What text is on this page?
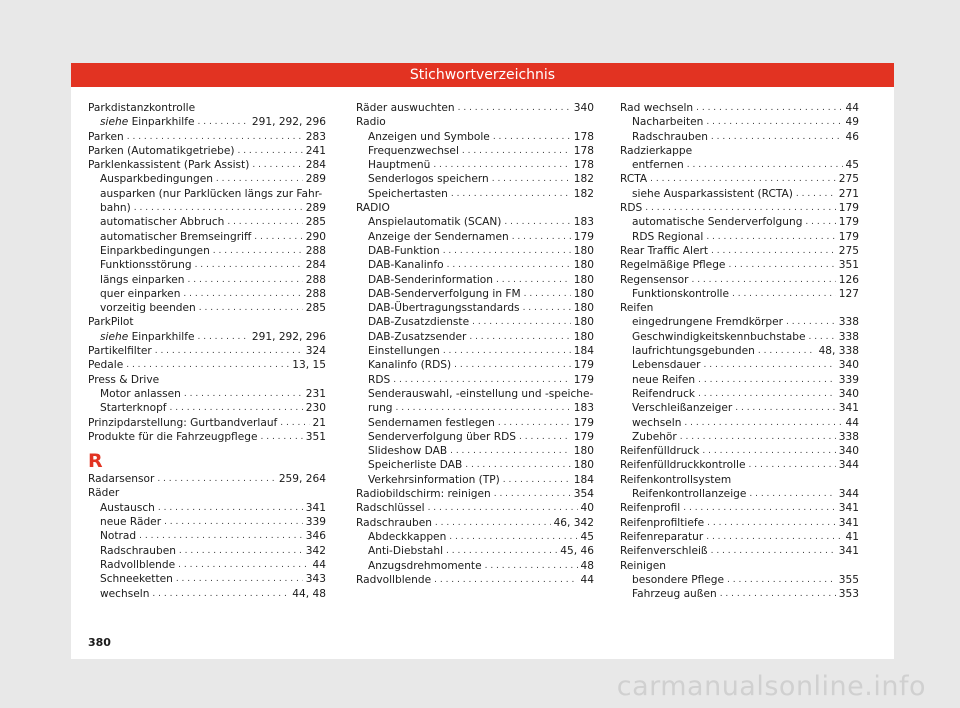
Stichwortverzeichnis
Parkdistanzkontrolle
siehe Einparkhilfe . . .	291, 292, 296
Parken . . .	283
Parken (Automatikgetriebe) . . .	241
Parklenkassistent (Park Assist) . . .	284
Ausparkbedingungen . . .	289
ausparken (nur Parklücken längs zur Fahr-
bahn) . . .	289
automatischer Abbruch . . .	285
automatischer Bremseingriff . . .	290
Einparkbedingungen . . .	288
Funktionsstörung . . .	284
längs einparken . . .	288
quer einparken . . .	288
vorzeitig beenden . . .	285
ParkPilot
siehe Einparkhilfe . . .	291, 292, 296
Partikelfilter . . .	324
Pedale . . .	13, 15
Press & Drive
Motor anlassen . . .	231
Starterknopf . . .	230
Prinzipdarstellung: Gurtbandverlauf . . .	21
Produkte für die Fahrzeugpflege . . .	351
R
Radarsensor . . .	259, 264
Räder
Austausch . . .	341
neue Räder . . .	339
Notrad . . .	346
Radschrauben . . .	342
Radvollblende . . .	44
Schneeketten . . .	343
wechseln . . .	44, 48
Räder auswuchten . . .	340
Radio
Anzeigen und Symbole . . .	178
Frequenzwechsel . . .	178
Hauptmenü . . .	178
Senderlogos speichern . . .	182
Speichertasten . . .	182
RADIO
Anspielautomatik (SCAN) . . .	183
Anzeige der Sendernamen . . .	179
DAB-Funktion . . .	180
DAB-Kanalinfo . . .	180
DAB-Senderinformation . . .	180
DAB-Senderverfolgung in FM . . .	180
DAB-Übertragungsstandards . . .	180
DAB-Zusatzdienste . . .	180
DAB-Zusatzsender . . .	180
Einstellungen . . .	184
Kanalinfo (RDS) . . .	179
RDS . . .	179
Senderauswahl, -einstellung und -speiche-
rung . . .	183
Sendernamen festlegen . . .	179
Senderverfolgung über RDS . . .	179
Slideshow DAB . . .	180
Speicherliste DAB . . .	180
Verkehrsinformation (TP) . . .	184
Radiobildschirm: reinigen . . .	354
Radschlüssel . . .	40
Radschrauben . . .	46, 342
Abdeckkappen . . .	45
Anti-Diebstahl . . .	45, 46
Anzugsdrehmomente . . .	48
Radvollblende . . .	44
Rad wechseln . . .	44
Nacharbeiten . . .	49
Radschrauben . . .	46
Radzierkappe
entfernen . . .	45
RCTA . . .	275
siehe Ausparkassistent (RCTA) . . .	271
RDS . . .	179
automatische Senderverfolgung . . .	179
RDS Regional . . .	179
Rear Traffic Alert . . .	275
Regelmäßige Pflege . . .	351
Regensensor . . .	126
Funktionskontrolle . . .	127
Reifen
eingedrungene Fremdkörper . . .	338
Geschwindigkeitskennbuchstabe . . .	338
laufrichtungsgebunden . . .	48, 338
Lebensdauer . . .	340
neue Reifen . . .	339
Reifendruck . . .	340
Verschleißanzeiger . . .	341
wechseln . . .	44
Zubehör . . .	338
Reifenfülldruck . . .	340
Reifenfülldruckkontrolle . . .	344
Reifenkontrollsystem
Reifenkontrollanzeige . . .	344
Reifenprofil . . .	341
Reifenprofiltiefe . . .	341
Reifenreparatur . . .	41
Reifenverschleiß . . .	341
Reinigen
besondere Pflege . . .	355
Fahrzeug außen . . .	353
380
carmanualsonline.info
